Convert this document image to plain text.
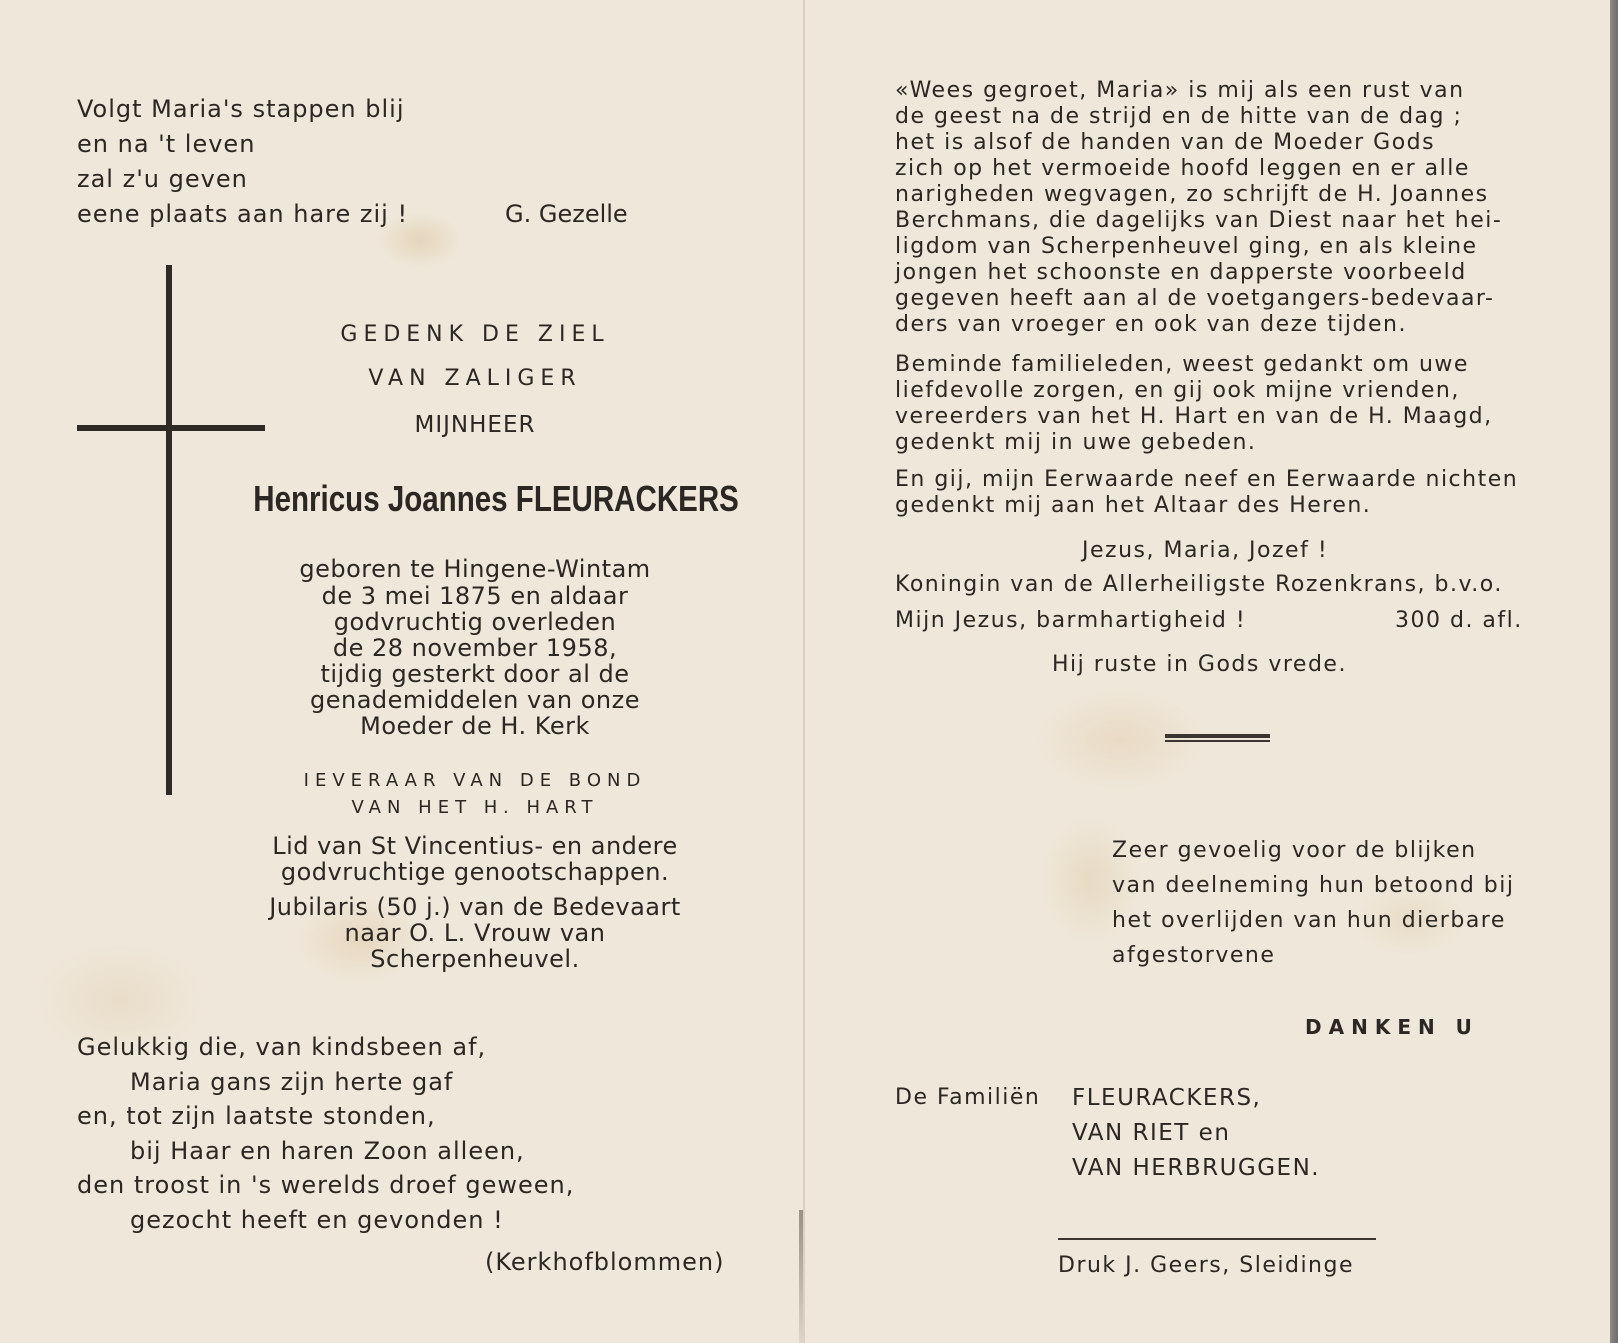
Volgt Maria's stappen blij
en na 't leven
zal z'u geven
eene plaats aan hare zij !	G. Gezelle
GEDENK DE ZIEL
VAN ZALIGER
MIJNHEER
Henricus Joannes FLEURACKERS
geboren te Hingene-Wintam
de 3 mei 1875 en aldaar
godvruchtig overleden
de 28 november 1958,
tijdig gesterkt door al de
genademiddelen van onze
Moeder de H. Kerk
IEVERAAR VAN DE BOND
VAN HET H. HART
Lid van St Vincentius- en andere
godvruchtige genootschappen.
Jubilaris (50 j.) van de Bedevaart
naar O. L. Vrouw van
Scherpenheuvel.
Gelukkig die, van kindsbeen af,
Maria gans zijn herte gaf
en, tot zijn laatste stonden,
bij Haar en haren Zoon alleen,
den troost in 's werelds droef geween,
gezocht heeft en gevonden !
(Kerkhofblommen)
«Wees gegroet, Maria» is mij als een rust van
de geest na de strijd en de hitte van de dag ;
het is alsof de handen van de Moeder Gods
zich op het vermoeide hoofd leggen en er alle
narigheden wegvagen, zo schrijft de H. Joannes
Berchmans, die dagelijks van Diest naar het hei-
ligdom van Scherpenheuvel ging, en als kleine
jongen het schoonste en dapperste voorbeeld
gegeven heeft aan al de voetgangers-bedevaar-
ders van vroeger en ook van deze tijden.
Beminde familieleden, weest gedankt om uwe
liefdevolle zorgen, en gij ook mijne vrienden,
vereerders van het H. Hart en van de H. Maagd,
gedenkt mij in uwe gebeden.
En gij, mijn Eerwaarde neef en Eerwaarde nichten
gedenkt mij aan het Altaar des Heren.
Jezus, Maria, Jozef !
Koningin van de Allerheiligste Rozenkrans, b.v.o.
Mijn Jezus, barmhartigheid !	300 d. afl.
Hij ruste in Gods vrede.
Zeer gevoelig voor de blijken
van deelneming hun betoond bij
het overlijden van hun dierbare
afgestorvene
DANKEN U
De Familiën FLEURACKERS,
VAN RIET en
VAN HERBRUGGEN.
Druk J. Geers, Sleidinge
